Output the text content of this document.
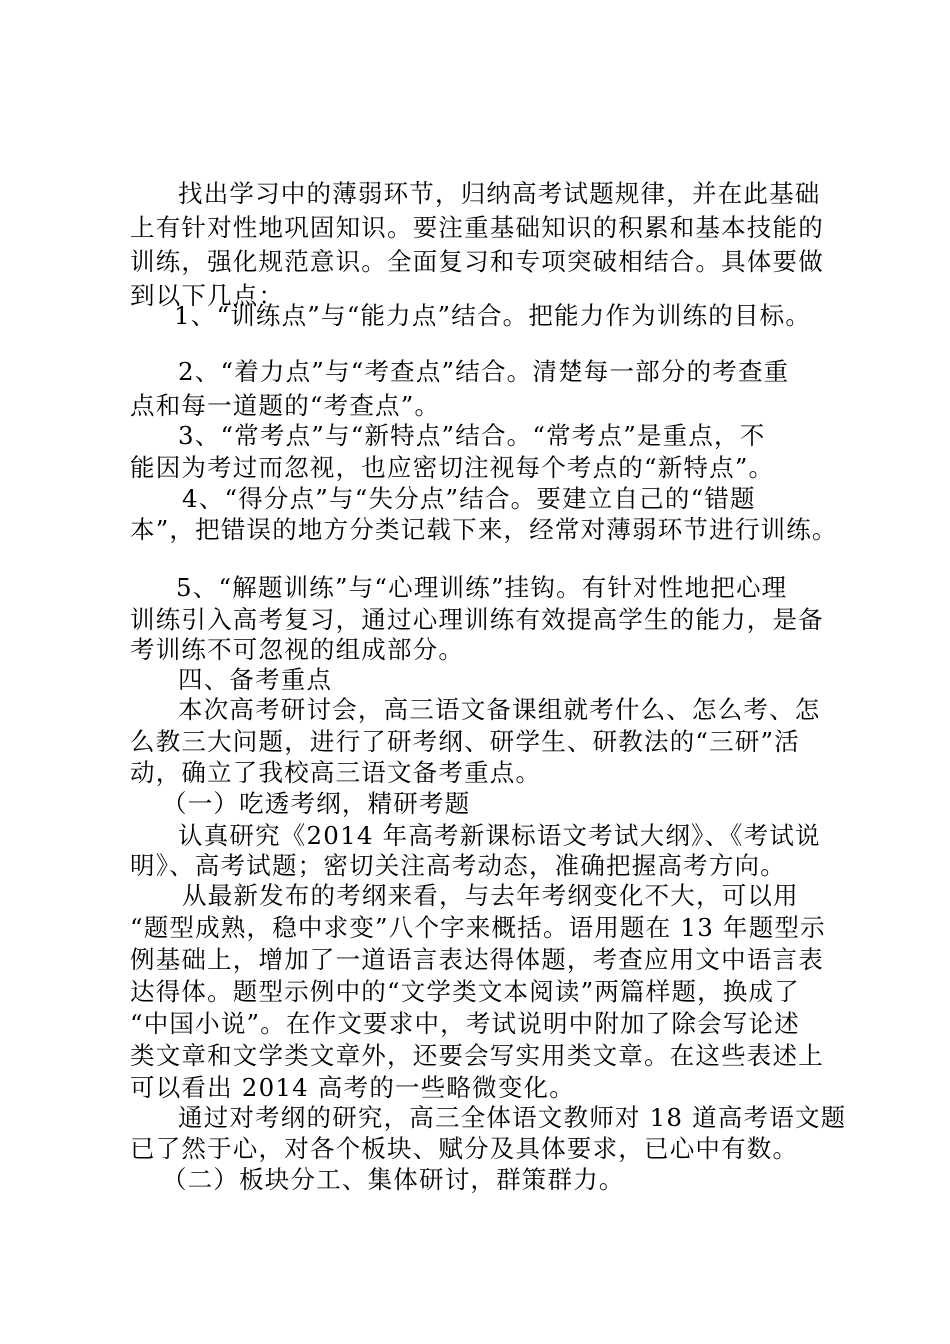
找出学习中的薄弱环节，归纳高考试题规律，并在此基础
上有针对性地巩固知识。要注重基础知识的积累和基本技能的
训练，强化规范意识。全面复习和专项突破相结合。具体要做
到以下几点：
1、“训练点”与“能力点”结合。把能力作为训练的目标。
2、“着力点”与“考查点”结合。清楚每一部分的考查重
点和每一道题的“考查点”。
3、“常考点”与“新特点”结合。“常考点”是重点，不
能因为考过而忽视，也应密切注视每个考点的“新特点”。
4、“得分点”与“失分点”结合。要建立自己的“错题
本”，把错误的地方分类记载下来，经常对薄弱环节进行训练。
5、“解题训练”与“心理训练”挂钩。有针对性地把心理
训练引入高考复习，通过心理训练有效提高学生的能力，是备
考训练不可忽视的组成部分。
四、备考重点
本次高考研讨会，高三语文备课组就考什么、怎么考、怎
么教三大问题，进行了研考纲、研学生、研教法的“三研”活
动，确立了我校高三语文备考重点。
（一）吃透考纲，精研考题
认真研究《2014 年高考新课标语文考试大纲》、《考试说
明》、高考试题；密切关注高考动态，准确把握高考方向。
从最新发布的考纲来看，与去年考纲变化不大，可以用
“题型成熟，稳中求变”八个字来概括。语用题在 13 年题型示
例基础上，增加了一道语言表达得体题，考查应用文中语言表
达得体。题型示例中的“文学类文本阅读”两篇样题，换成了
“中国小说”。在作文要求中，考试说明中附加了除会写论述
类文章和文学类文章外，还要会写实用类文章。在这些表述上
可以看出 2014 高考的一些略微变化。
通过对考纲的研究，高三全体语文教师对 18 道高考语文题
已了然于心，对各个板块、赋分及具体要求，已心中有数。
（二）板块分工、集体研讨，群策群力。
